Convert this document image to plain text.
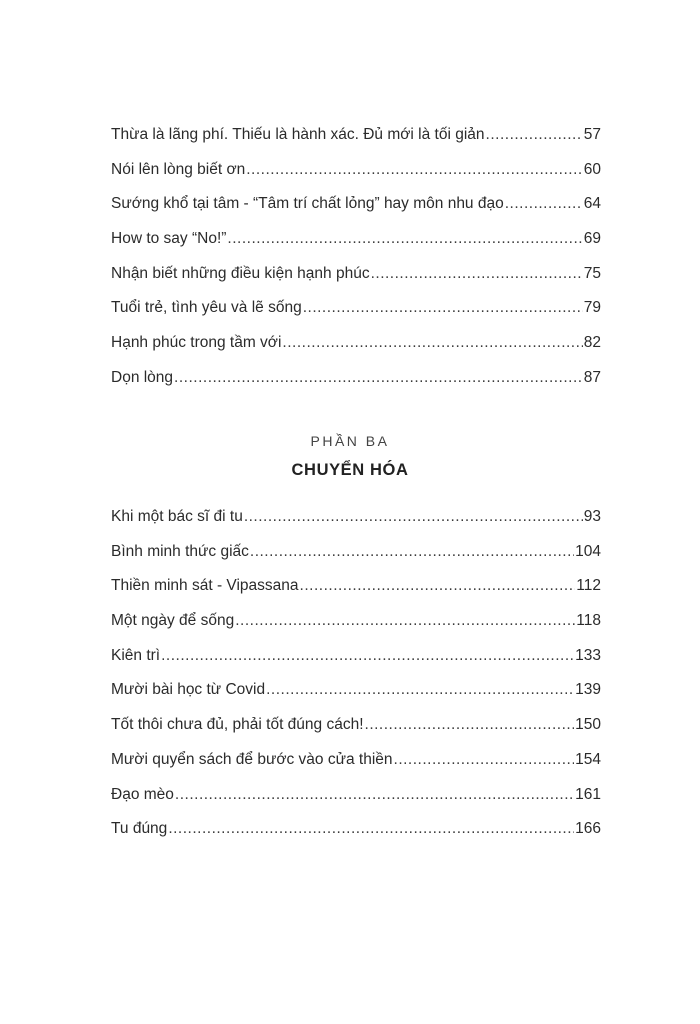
Thừa là lãng phí. Thiếu là hành xác. Đủ mới là tối giản .....	57
Nói lên lòng biết ơn .....	60
Sướng khổ tại tâm - “Tâm trí chất lỏng” hay môn nhu đạo .....	64
How to say “No!” .....	69
Nhận biết những điều kiện hạnh phúc .....	75
Tuổi trẻ, tình yêu và lẽ sống .....	79
Hạnh phúc trong tầm với .....	82
Dọn lòng .....	87
PHẦN BA
CHUYỂN HÓA
Khi một bác sĩ đi tu .....	93
Bình minh thức giấc .....	104
Thiền minh sát - Vipassana .....	112
Một ngày để sống .....	118
Kiên trì .....	133
Mười bài học từ Covid .....	139
Tốt thôi chưa đủ, phải tốt đúng cách! .....	150
Mười quyển sách để bước vào cửa thiền .....	154
Đạo mèo .....	161
Tu đúng .....	166
